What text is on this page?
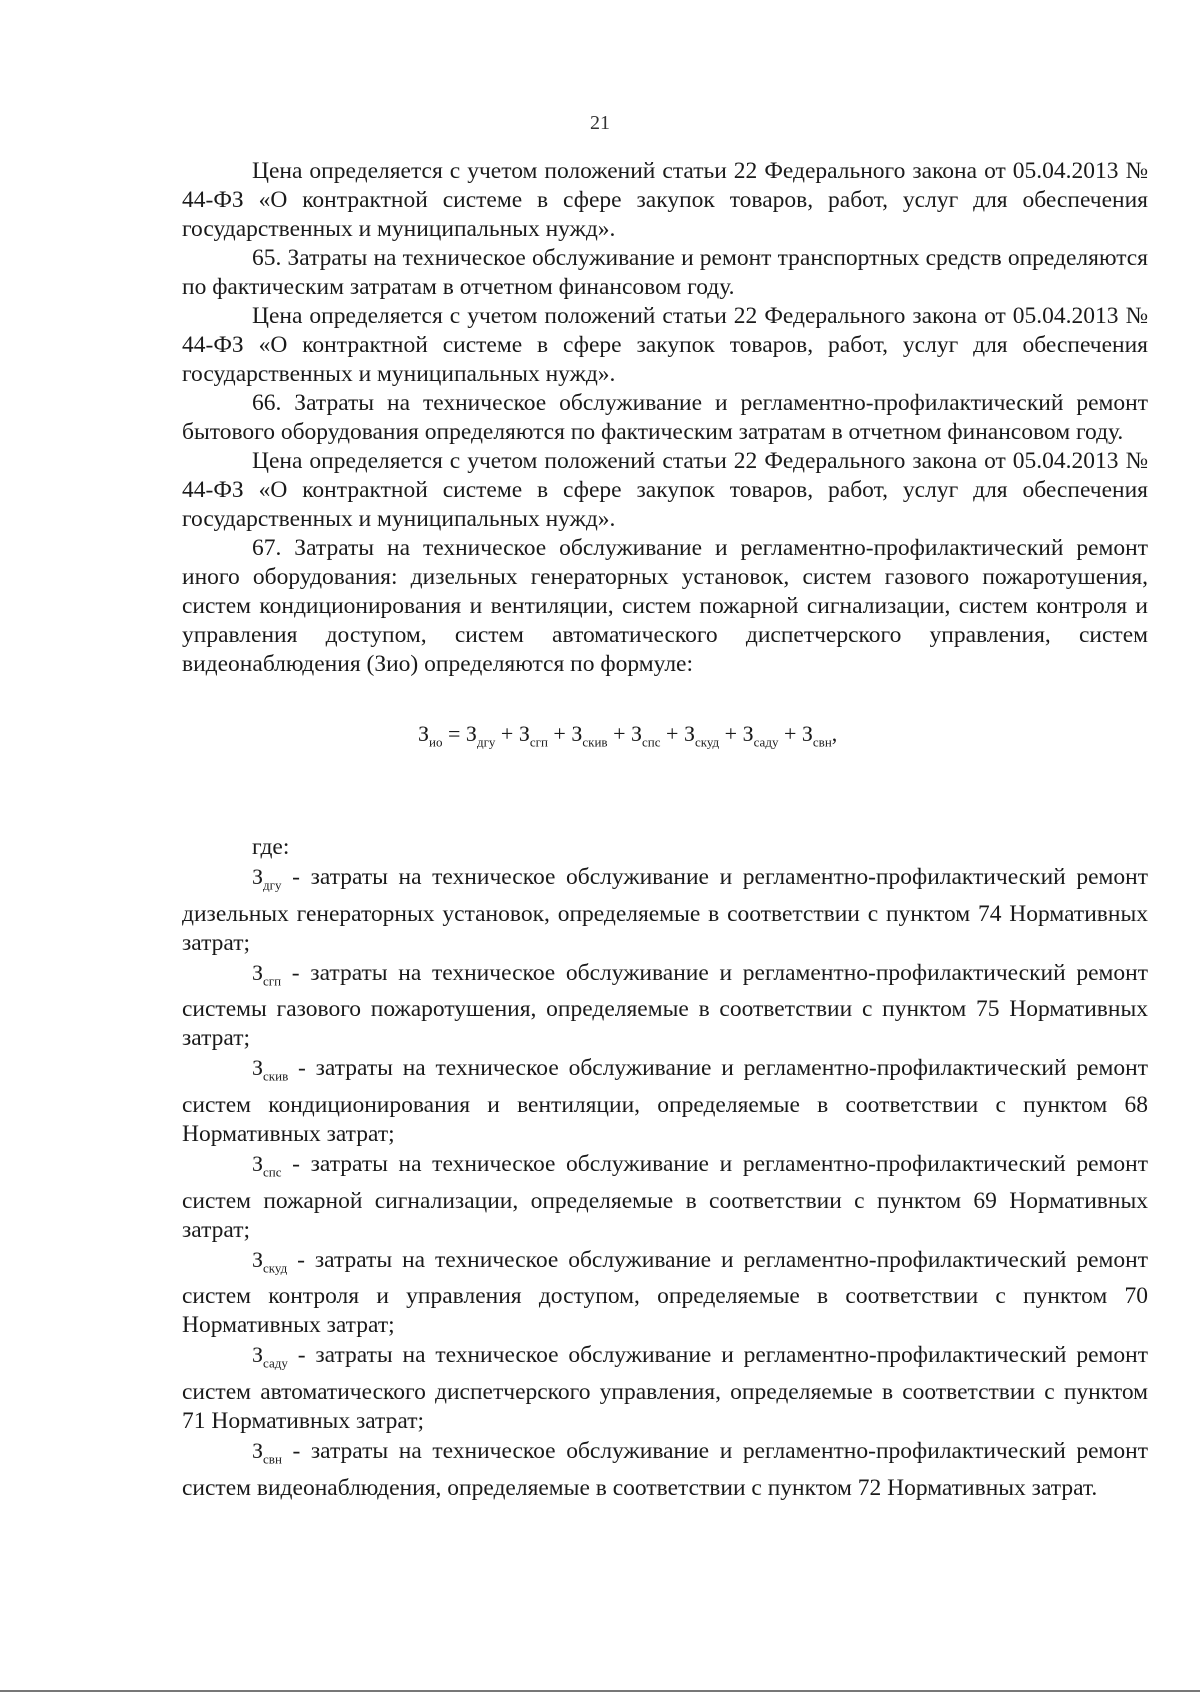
21

Цена определяется с учетом положений статьи 22 Федерального закона от 05.04.2013 № 44-ФЗ «О контрактной системе в сфере закупок товаров, работ, услуг для обеспечения государственных и муниципальных нужд».

65. Затраты на техническое обслуживание и ремонт транспортных средств определяются по фактическим затратам в отчетном финансовом году.

Цена определяется с учетом положений статьи 22 Федерального закона от 05.04.2013 № 44-ФЗ «О контрактной системе в сфере закупок товаров, работ, услуг для обеспечения государственных и муниципальных нужд».

66. Затраты на техническое обслуживание и регламентно-профилактический ремонт бытового оборудования определяются по фактическим затратам в отчетном финансовом году.

Цена определяется с учетом положений статьи 22 Федерального закона от 05.04.2013 № 44-ФЗ «О контрактной системе в сфере закупок товаров, работ, услуг для обеспечения государственных и муниципальных нужд».

67. Затраты на техническое обслуживание и регламентно-профилактический ремонт иного оборудования: дизельных генераторных установок, систем газового пожаротушения, систем кондиционирования и вентиляции, систем пожарной сигнализации, систем контроля и управления доступом, систем автоматического диспетчерского управления, систем видеонаблюдения (Зио) определяются по формуле:

$З_{ио} = З_{дгу} + З_{сгп} + З_{скив} + З_{спс} + З_{скуд} + З_{саду} + З_{свн}$,

где:

$З_{дгу}$ - затраты на техническое обслуживание и регламентно-профилактический ремонт дизельных генераторных установок, определяемые в соответствии с пунктом 74 Нормативных затрат;

$З_{сгп}$ - затраты на техническое обслуживание и регламентно-профилактический ремонт системы газового пожаротушения, определяемые в соответствии с пунктом 75 Нормативных затрат;

$З_{скив}$ - затраты на техническое обслуживание и регламентно-профилактический ремонт систем кондиционирования и вентиляции, определяемые в соответствии с пунктом 68 Нормативных затрат;

$З_{спс}$ - затраты на техническое обслуживание и регламентно-профилактический ремонт систем пожарной сигнализации, определяемые в соответствии с пунктом 69 Нормативных затрат;

$З_{скуд}$ - затраты на техническое обслуживание и регламентно-профилактический ремонт систем контроля и управления доступом, определяемые в соответствии с пунктом 70 Нормативных затрат;

$З_{саду}$ - затраты на техническое обслуживание и регламентно-профилактический ремонт систем автоматического диспетчерского управления, определяемые в соответствии с пунктом 71 Нормативных затрат;

$З_{свн}$ - затраты на техническое обслуживание и регламентно-профилактический ремонт систем видеонаблюдения, определяемые в соответствии с пунктом 72 Нормативных затрат.
